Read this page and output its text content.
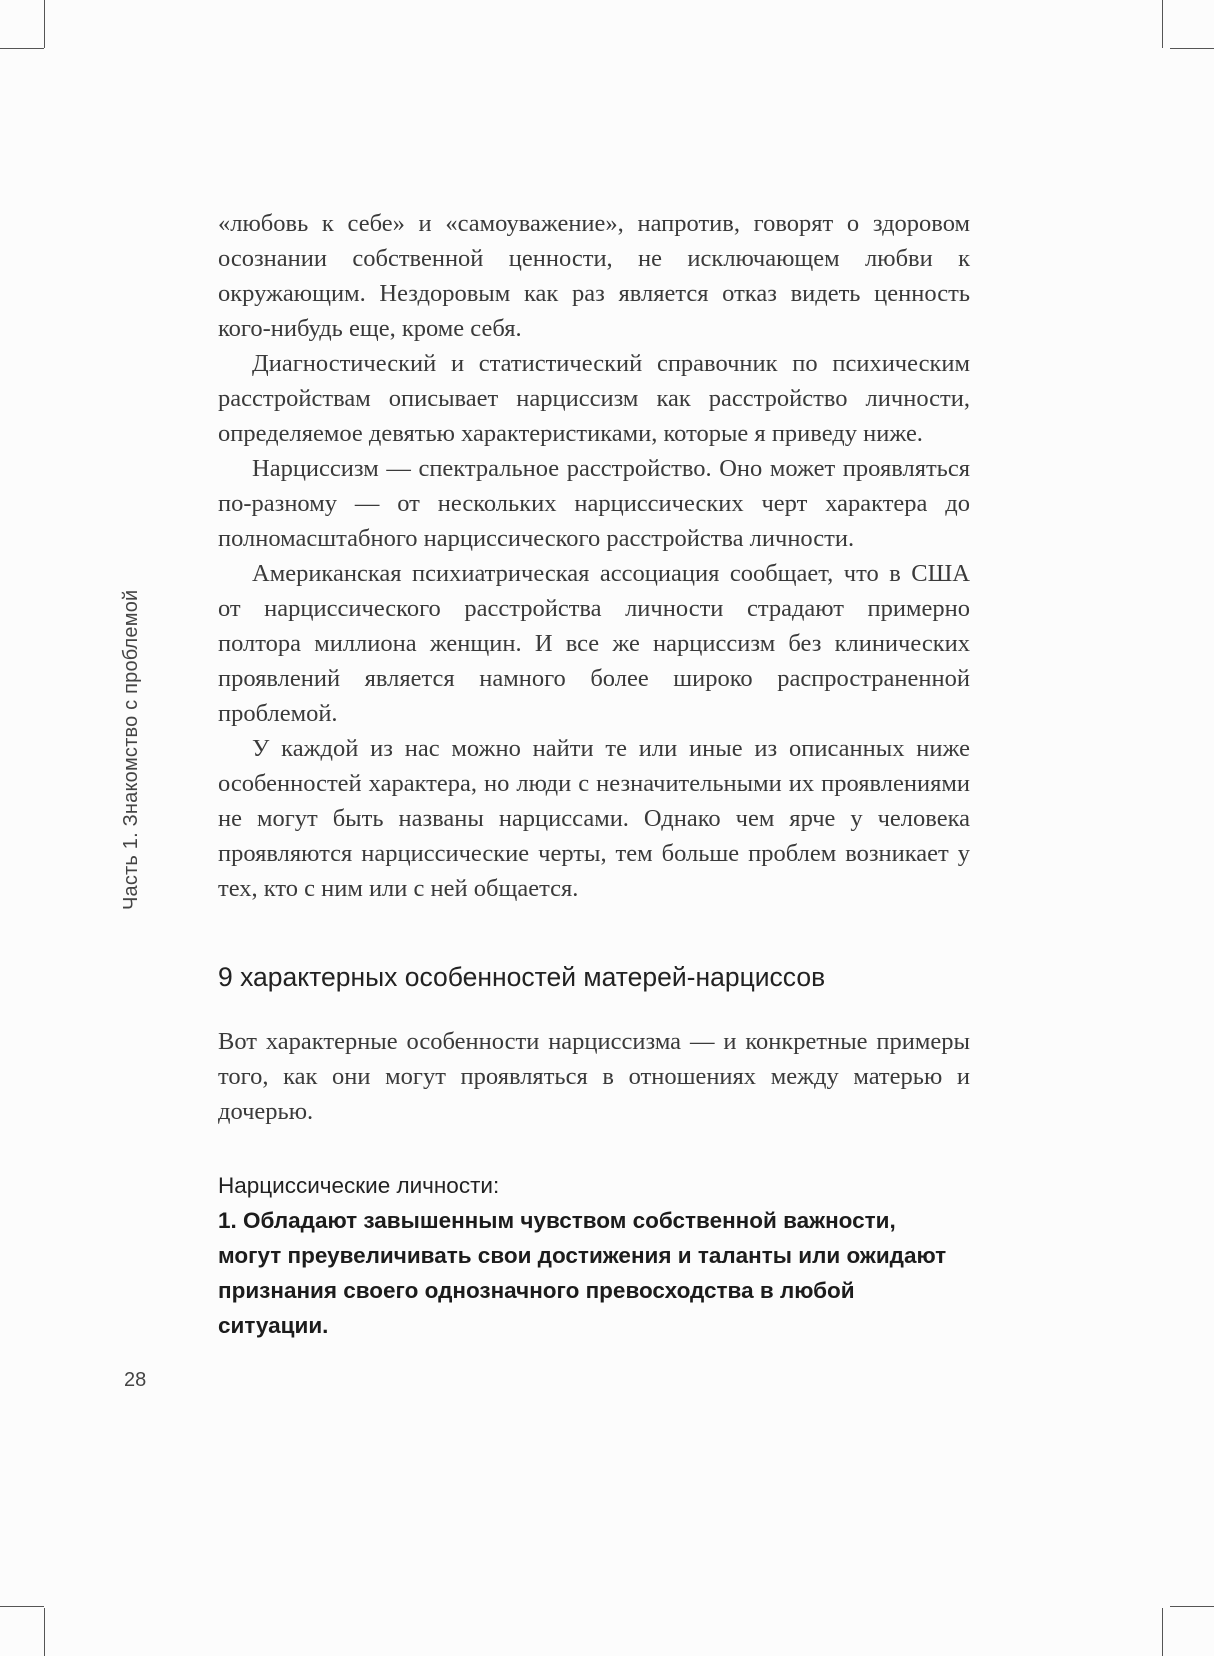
Часть 1. Знакомство с проблемой
28

«любовь к себе» и «самоуважение», напротив, говорят о здоровом осознании собственной ценности, не исключающем любви к окружающим. Нездоровым как раз является отказ видеть ценность кого-нибудь еще, кроме себя.

Диагностический и статистический справочник по психическим расстройствам описывает нарциссизм как расстройство личности, определяемое девятью характеристиками, которые я приведу ниже.

Нарциссизм — спектральное расстройство. Оно может проявляться по-разному — от нескольких нарциссических черт характера до полномасштабного нарциссического расстройства личности.

Американская психиатрическая ассоциация сообщает, что в США от нарциссического расстройства личности страдают примерно полтора миллиона женщин. И все же нарциссизм без клинических проявлений является намного более широко распространенной проблемой.

У каждой из нас можно найти те или иные из описанных ниже особенностей характера, но люди с незначительными их проявлениями не могут быть названы нарциссами. Однако чем ярче у человека проявляются нарциссические черты, тем больше проблем возникает у тех, кто с ним или с ней общается.

9 характерных особенностей матерей-нарциссов

Вот характерные особенности нарциссизма — и конкретные примеры того, как они могут проявляться в отношениях между матерью и дочерью.

Нарциссические личности:

1. Обладают завышенным чувством собственной важности, могут преувеличивать свои достижения и таланты или ожидают признания своего однозначного превосходства в любой ситуации.
